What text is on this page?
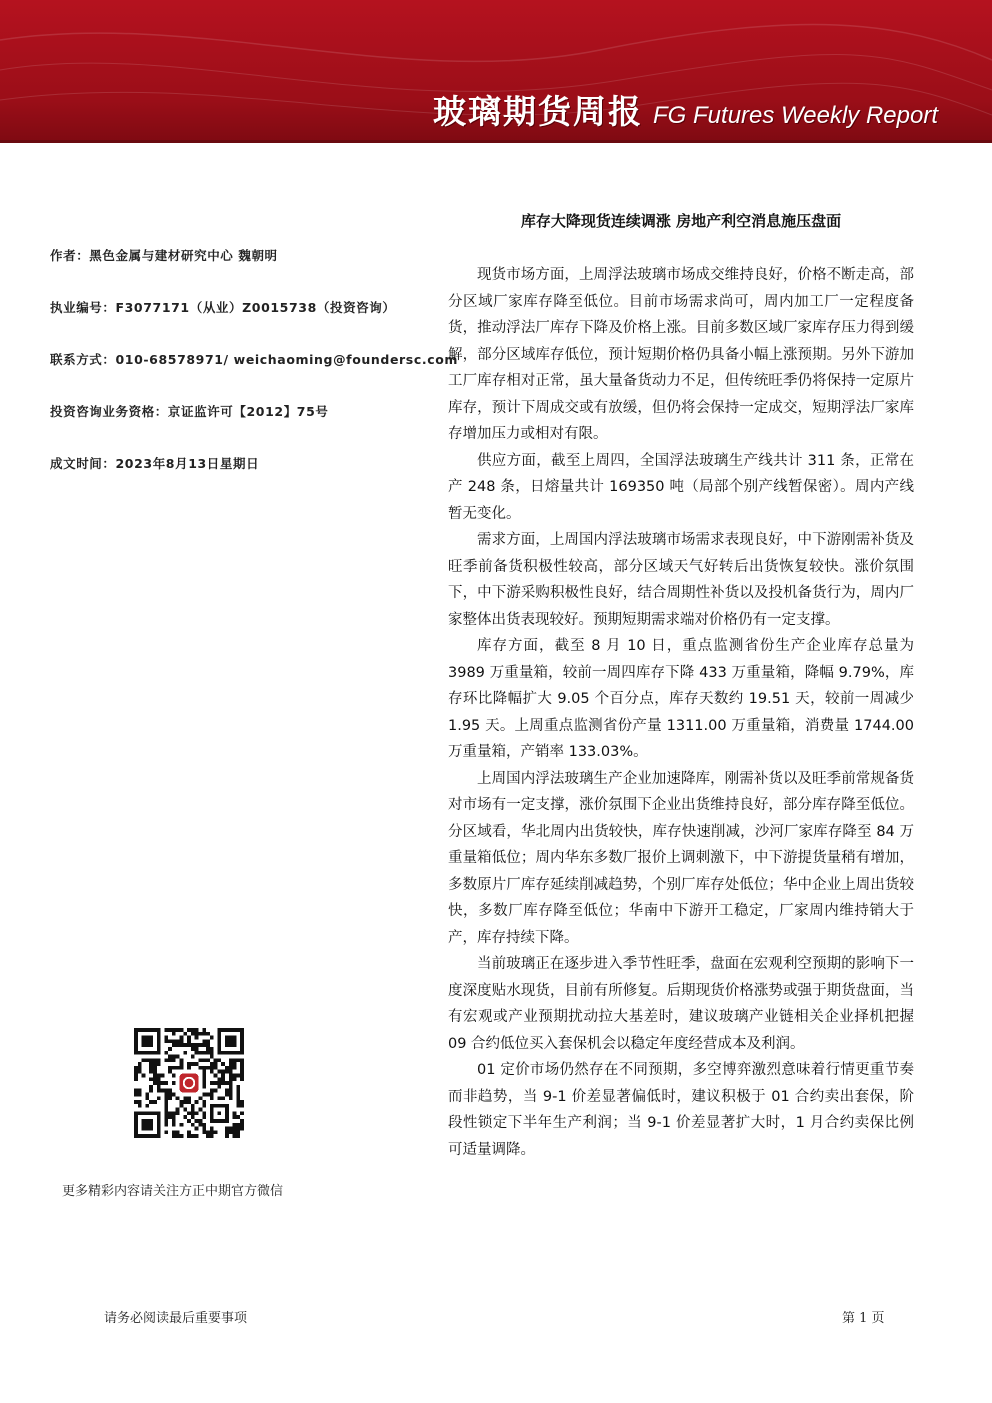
玻璃期货周报 FG Futures Weekly Report
作者：黑色金属与建材研究中心 魏朝明
执业编号：F3077171（从业）Z0015738（投资咨询）
联系方式：010-68578971/ weichaoming@foundersc.com
投资咨询业务资格：京证监许可【2012】75号
成文时间：2023年8月13日星期日
库存大降现货连续调涨 房地产利空消息施压盘面

现货市场方面，上周浮法玻璃市场成交维持良好，价格不断走高，部分区域厂家库存降至低位。目前市场需求尚可，周内加工厂一定程度备货，推动浮法厂库存下降及价格上涨。目前多数区域厂家库存压力得到缓解，部分区域库存低位，预计短期价格仍具备小幅上涨预期。另外下游加工厂库存相对正常，虽大量备货动力不足，但传统旺季仍将保持一定原片库存，预计下周成交或有放缓，但仍将会保持一定成交，短期浮法厂家库存增加压力或相对有限。

供应方面，截至上周四，全国浮法玻璃生产线共计 311 条，正常在产 248 条，日熔量共计 169350 吨（局部个别产线暂保密）。周内产线暂无变化。

需求方面，上周国内浮法玻璃市场需求表现良好，中下游刚需补货及旺季前备货积极性较高，部分区域天气好转后出货恢复较快。涨价氛围下，中下游采购积极性良好，结合周期性补货以及投机备货行为，周内厂家整体出货表现较好。预期短期需求端对价格仍有一定支撑。

库存方面，截至 8 月 10 日，重点监测省份生产企业库存总量为 3989 万重量箱，较前一周四库存下降 433 万重量箱，降幅 9.79%，库存环比降幅扩大 9.05 个百分点，库存天数约 19.51 天，较前一周减少 1.95 天。上周重点监测省份产量 1311.00 万重量箱，消费量 1744.00 万重量箱，产销率 133.03%。

上周国内浮法玻璃生产企业加速降库，刚需补货以及旺季前常规备货对市场有一定支撑，涨价氛围下企业出货维持良好，部分库存降至低位。分区域看，华北周内出货较快，库存快速削减，沙河厂家库存降至 84 万重量箱低位；周内华东多数厂报价上调刺激下，中下游提货量稍有增加，多数原片厂库存延续削减趋势，个别厂库存处低位；华中企业上周出货较快，多数厂库存降至低位；华南中下游开工稳定，厂家周内维持销大于产，库存持续下降。

当前玻璃正在逐步进入季节性旺季，盘面在宏观利空预期的影响下一度深度贴水现货，目前有所修复。后期现货价格涨势或强于期货盘面，当有宏观或产业预期扰动拉大基差时，建议玻璃产业链相关企业择机把握 09 合约低位买入套保机会以稳定年度经营成本及利润。

01 定价市场仍然存在不同预期，多空博弈激烈意味着行情更重节奏而非趋势，当 9-1 价差显著偏低时，建议积极于 01 合约卖出套保，阶段性锁定下半年生产利润；当 9-1 价差显著扩大时，1 月合约卖保比例可适量调降。

更多精彩内容请关注方正中期官方微信
请务必阅读最后重要事项	第 1 页
